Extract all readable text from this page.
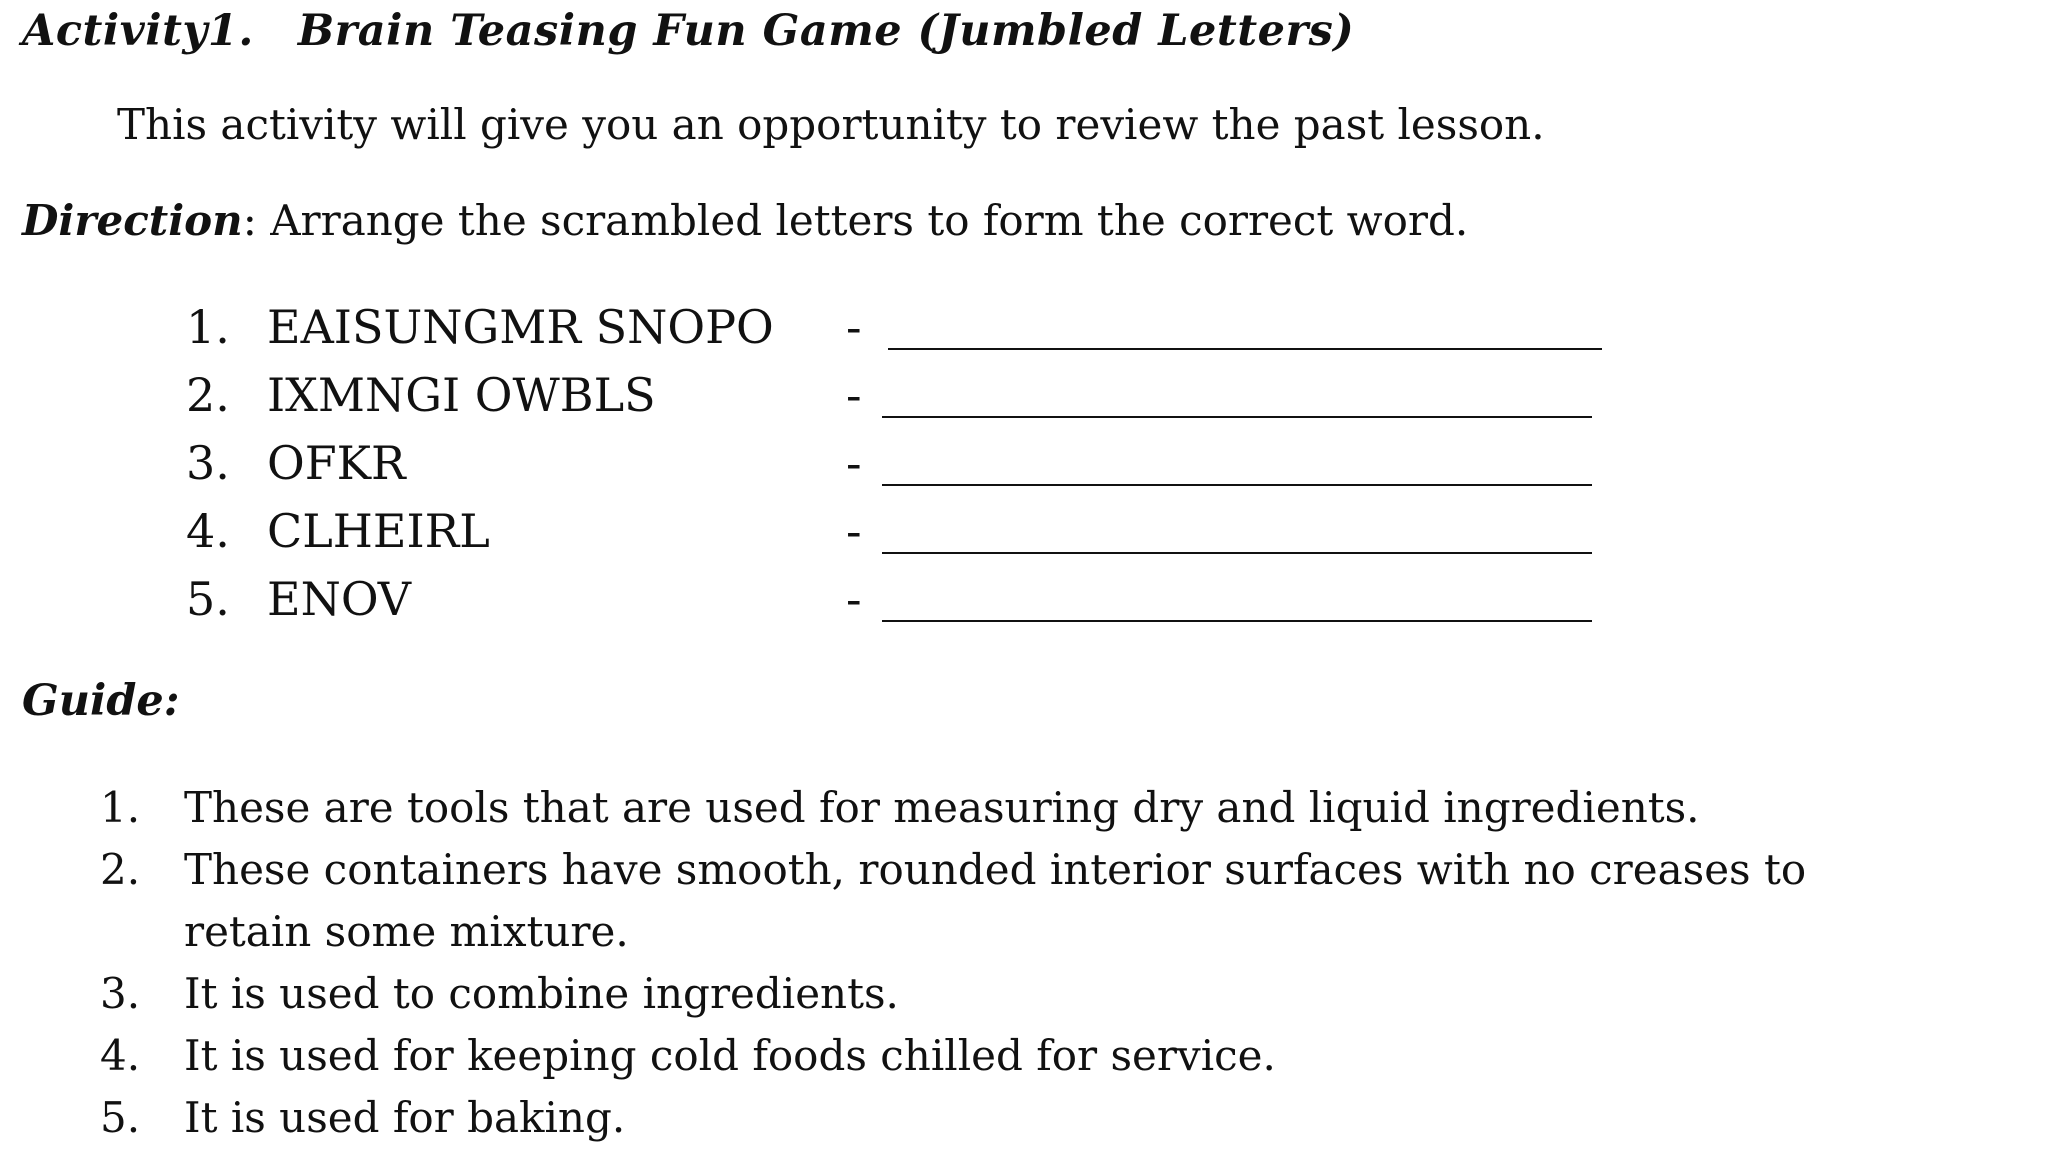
Activity1. Brain Teasing Fun Game (Jumbled Letters)
This activity will give you an opportunity to review the past lesson.
Direction: Arrange the scrambled letters to form the correct word.
1. EAISUNGMR SNOPO -
2. IXMNGI OWBLS	-
3. OFKR	-
4. CLHEIRL	-
5. ENOV	-
Guide:
1. These are tools that are used for measuring dry and liquid ingredients.
2. These containers have smooth, rounded interior surfaces with no creases to
retain some mixture.
3. It is used to combine ingredients.
4. It is used for keeping cold foods chilled for service.
5. It is used for baking.
